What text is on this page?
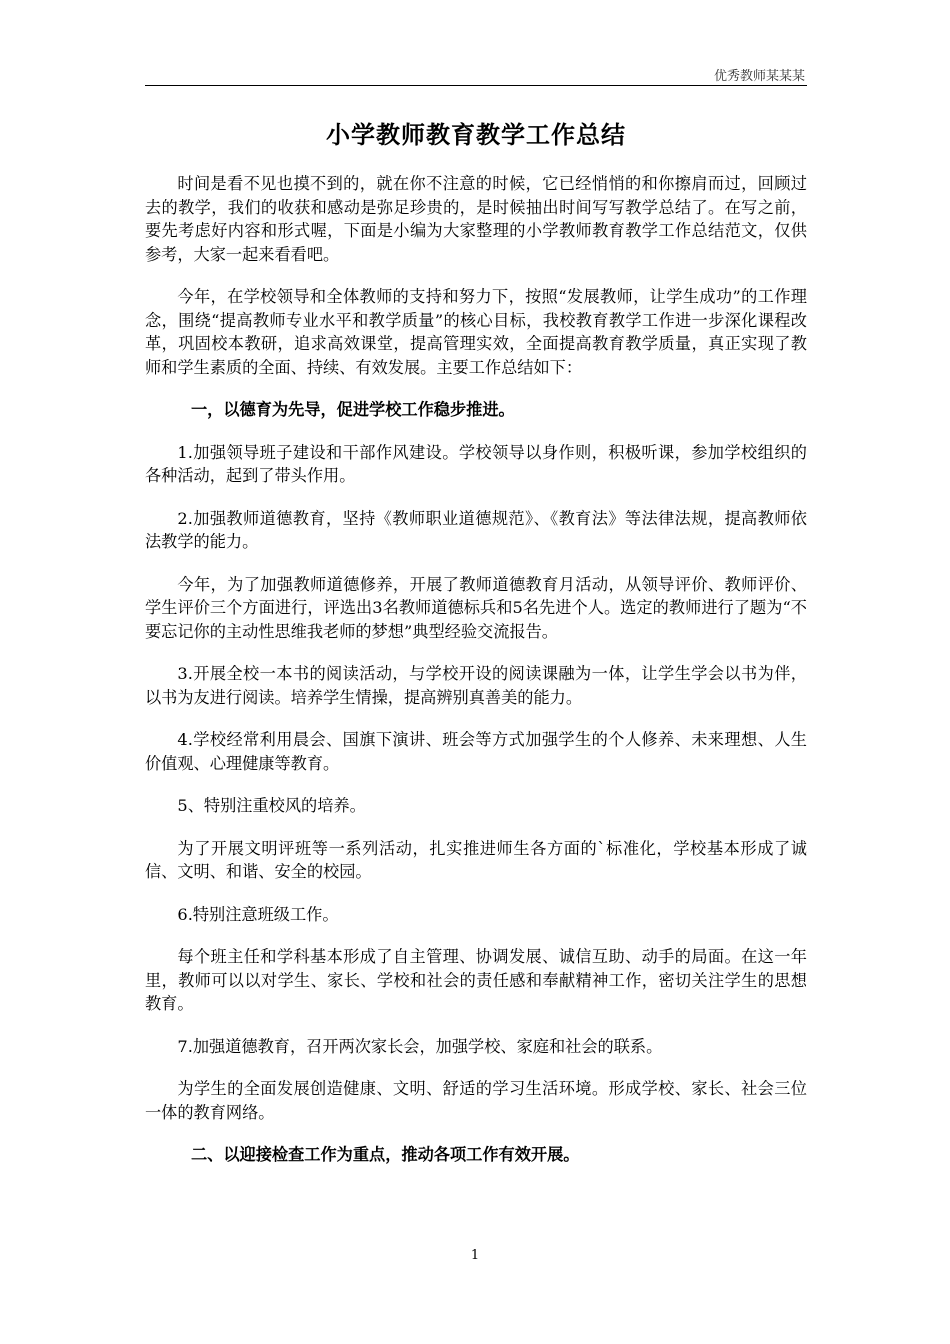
优秀教师某某某
小学教师教育教学工作总结

时间是看不见也摸不到的，就在你不注意的时候，它已经悄悄的和你擦肩而过，回顾过去的教学，我们的收获和感动是弥足珍贵的，是时候抽出时间写写教学总结了。在写之前，要先考虑好内容和形式喔，下面是小编为大家整理的小学教师教育教学工作总结范文，仅供参考，大家一起来看看吧。

今年，在学校领导和全体教师的支持和努力下，按照“发展教师，让学生成功”的工作理念，围绕“提高教师专业水平和教学质量”的核心目标，我校教育教学工作进一步深化课程改革，巩固校本教研，追求高效课堂，提高管理实效，全面提高教育教学质量，真正实现了教师和学生素质的全面、持续、有效发展。主要工作总结如下：

一，以德育为先导，促进学校工作稳步推进。

1.加强领导班子建设和干部作风建设。学校领导以身作则，积极听课，参加学校组织的各种活动，起到了带头作用。

2.加强教师道德教育，坚持《教师职业道德规范》、《教育法》等法律法规，提高教师依法教学的能力。

今年，为了加强教师道德修养，开展了教师道德教育月活动，从领导评价、教师评价、学生评价三个方面进行，评选出3名教师道德标兵和5名先进个人。选定的教师进行了题为“不要忘记你的主动性思维我老师的梦想”典型经验交流报告。

3.开展全校一本书的阅读活动，与学校开设的阅读课融为一体，让学生学会以书为伴，以书为友进行阅读。培养学生情操，提高辨别真善美的能力。

4.学校经常利用晨会、国旗下演讲、班会等方式加强学生的个人修养、未来理想、人生价值观、心理健康等教育。

5、特别注重校风的培养。

为了开展文明评班等一系列活动，扎实推进师生各方面的`标准化，学校基本形成了诚信、文明、和谐、安全的校园。

6.特别注意班级工作。

每个班主任和学科基本形成了自主管理、协调发展、诚信互助、动手的局面。在这一年里，教师可以以对学生、家长、学校和社会的责任感和奉献精神工作，密切关注学生的思想教育。

7.加强道德教育，召开两次家长会，加强学校、家庭和社会的联系。

为学生的全面发展创造健康、文明、舒适的学习生活环境。形成学校、家长、社会三位一体的教育网络。

二、以迎接检查工作为重点，推动各项工作有效开展。

1
